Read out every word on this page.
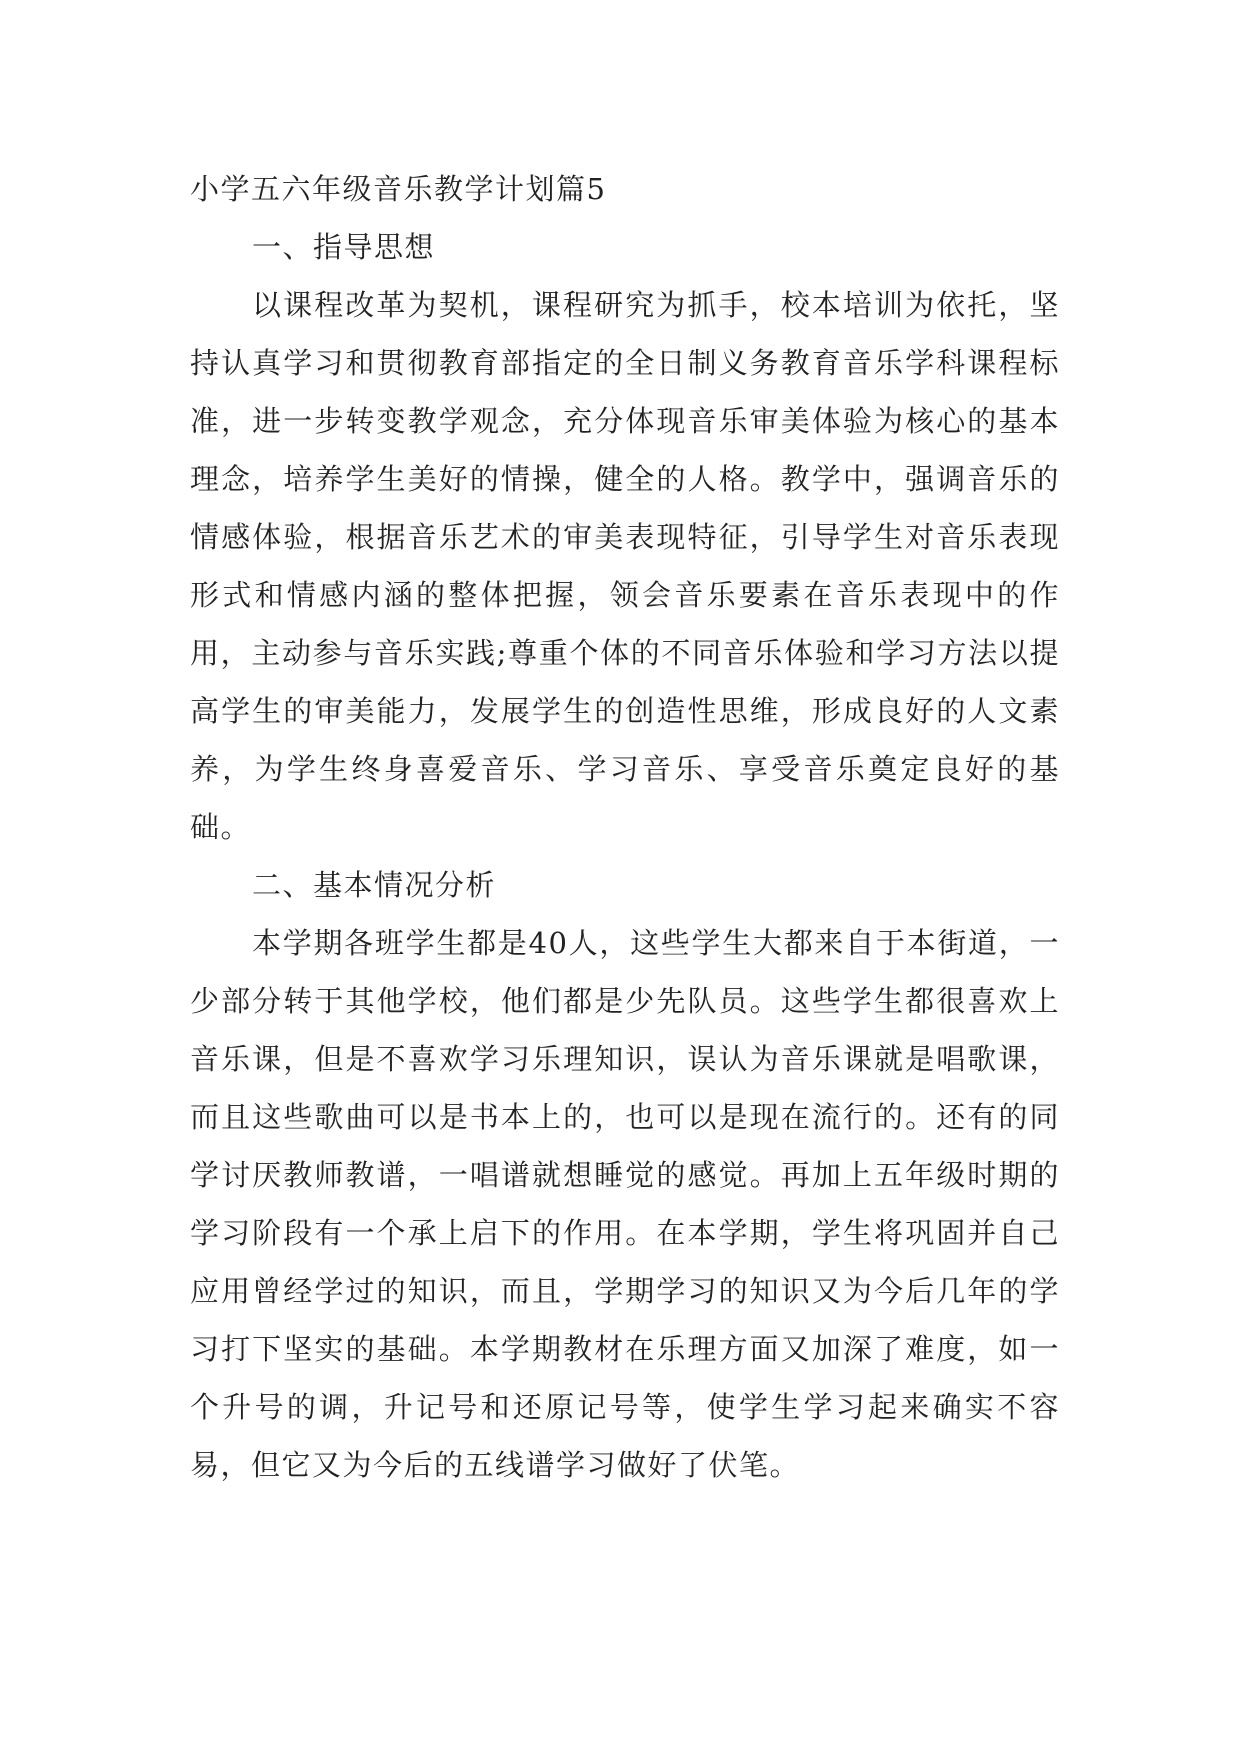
小学五六年级音乐教学计划篇5

一、指导思想

以课程改革为契机，课程研究为抓手，校本培训为依托，坚持认真学习和贯彻教育部指定的全日制义务教育音乐学科课程标准，进一步转变教学观念，充分体现音乐审美体验为核心的基本理念，培养学生美好的情操，健全的人格。教学中，强调音乐的情感体验，根据音乐艺术的审美表现特征，引导学生对音乐表现形式和情感内涵的整体把握，领会音乐要素在音乐表现中的作用，主动参与音乐实践;尊重个体的不同音乐体验和学习方法以提高学生的审美能力，发展学生的创造性思维，形成良好的人文素养，为学生终身喜爱音乐、学习音乐、享受音乐奠定良好的基础。

二、基本情况分析

本学期各班学生都是40人，这些学生大都来自于本街道，一少部分转于其他学校，他们都是少先队员。这些学生都很喜欢上音乐课，但是不喜欢学习乐理知识，误认为音乐课就是唱歌课，而且这些歌曲可以是书本上的，也可以是现在流行的。还有的同学讨厌教师教谱，一唱谱就想睡觉的感觉。再加上五年级时期的学习阶段有一个承上启下的作用。在本学期，学生将巩固并自己应用曾经学过的知识，而且，学期学习的知识又为今后几年的学习打下坚实的基础。本学期教材在乐理方面又加深了难度，如一个升号的调，升记号和还原记号等，使学生学习起来确实不容易，但它又为今后的五线谱学习做好了伏笔。
